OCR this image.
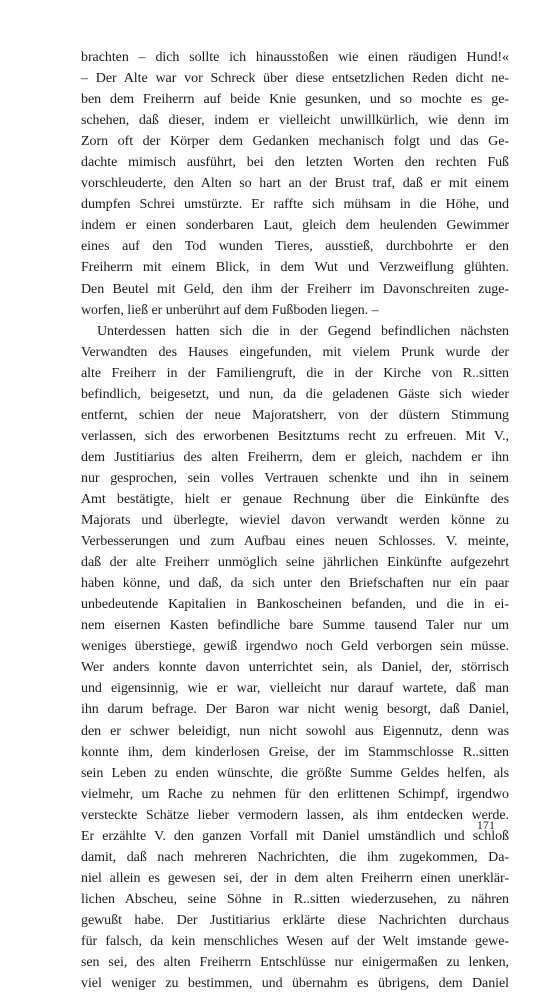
brachten – dich sollte ich hinausstoßen wie einen räudigen Hund!«
– Der Alte war vor Schreck über diese entsetzlichen Reden dicht ne-
ben dem Freiherrn auf beide Knie gesunken, und so mochte es ge-
schehen, daß dieser, indem er vielleicht unwillkürlich, wie denn im
Zorn oft der Körper dem Gedanken mechanisch folgt und das Ge-
dachte mimisch ausführt, bei den letzten Worten den rechten Fuß
vorschleuderte, den Alten so hart an der Brust traf, daß er mit einem
dumpfen Schrei umstürzte. Er raffte sich mühsam in die Höhe, und
indem er einen sonderbaren Laut, gleich dem heulenden Gewimmer
eines auf den Tod wunden Tieres, ausstieß, durchbohrte er den
Freiherrn mit einem Blick, in dem Wut und Verzweiflung glühten.
Den Beutel mit Geld, den ihm der Freiherr im Davonschreiten zuge-
worfen, ließ er unberührt auf dem Fußboden liegen. –
Unterdessen hatten sich die in der Gegend befindlichen nächsten
Verwandten des Hauses eingefunden, mit vielem Prunk wurde der
alte Freiherr in der Familiengruft, die in der Kirche von R..sitten
befindlich, beigesetzt, und nun, da die geladenen Gäste sich wieder
entfernt, schien der neue Majoratsherr, von der düstern Stimmung
verlassen, sich des erworbenen Besitztums recht zu erfreuen. Mit V.,
dem Justitiarius des alten Freiherrn, dem er gleich, nachdem er ihn
nur gesprochen, sein volles Vertrauen schenkte und ihn in seinem
Amt bestätigte, hielt er genaue Rechnung über die Einkünfte des
Majorats und überlegte, wieviel davon verwandt werden könne zu
Verbesserungen und zum Aufbau eines neuen Schlosses. V. meinte,
daß der alte Freiherr unmöglich seine jährlichen Einkünfte aufgezehrt
haben könne, und daß, da sich unter den Briefschaften nur ein paar
unbedeutende Kapitalien in Bankoscheinen befanden, und die in ei-
nem eisernen Kasten befindliche bare Summe tausend Taler nur um
weniges überstiege, gewiß irgendwo noch Geld verborgen sein müsse.
Wer anders konnte davon unterrichtet sein, als Daniel, der, störrisch
und eigensinnig, wie er war, vielleicht nur darauf wartete, daß man
ihn darum befrage. Der Baron war nicht wenig besorgt, daß Daniel,
den er schwer beleidigt, nun nicht sowohl aus Eigennutz, denn was
konnte ihm, dem kinderlosen Greise, der im Stammschlosse R..sitten
sein Leben zu enden wünschte, die größte Summe Geldes helfen, als
vielmehr, um Rache zu nehmen für den erlittenen Schimpf, irgendwo
versteckte Schätze lieber vermodern lassen, als ihm entdecken werde.
Er erzählte V. den ganzen Vorfall mit Daniel umständlich und schloß
damit, daß nach mehreren Nachrichten, die ihm zugekommen, Da-
niel allein es gewesen sei, der in dem alten Freiherrn einen unerklär-
lichen Abscheu, seine Söhne in R..sitten wiederzusehen, zu nähren
gewußt habe. Der Justitiarius erklärte diese Nachrichten durchaus
für falsch, da kein menschliches Wesen auf der Welt imstande gewe-
sen sei, des alten Freiherrn Entschlüsse nur einigermaßen zu lenken,
viel weniger zu bestimmen, und übernahm es übrigens, dem Daniel
171
